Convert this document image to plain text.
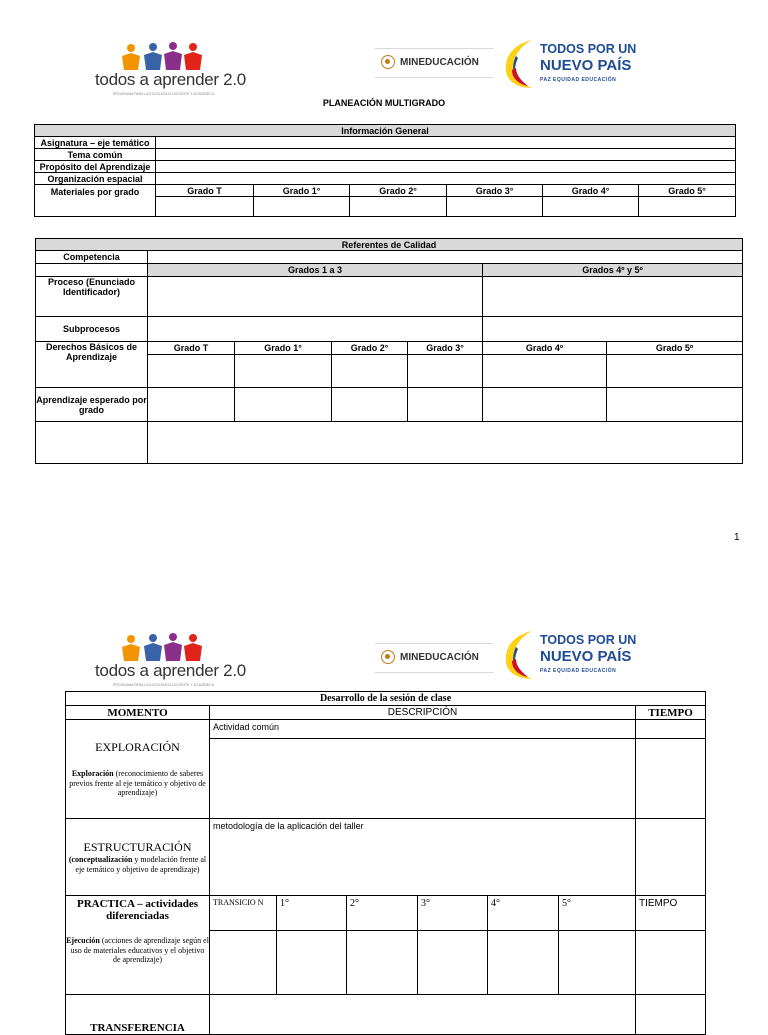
todos a aprender 2.0
PROGRAMA PARA LA EXCELENCIA DOCENTE Y ACADÉMICA
MINEDUCACIÓN
TODOS POR UN
NUEVO PAÍS
PAZ EQUIDAD EDUCACIÓN
PLANEACIÓN MULTIGRADO
Información General						
Asignatura – eje temático						
Tema común						
Propósito del Aprendizaje						
Organización espacial						
Materiales por grado	Grado T	Grado 1°	Grado 2°	Grado 3°	Grado 4°	Grado 5°

Referentes de Calidad						
Competencia						
	Grados 1 a 3				Grados 4º y 5º	
Proceso (Enunciado Identificador)						
Subprocesos						
Derechos Básicos de Aprendizaje	Grado T	Grado 1°	Grado 2°	Grado 3°	Grado 4º	Grado 5º

Aprendizaje esperado por grado						

1
todos a aprender 2.0
PROGRAMA PARA LA EXCELENCIA DOCENTE Y ACADÉMICA
MINEDUCACIÓN
TODOS POR UN
NUEVO PAÍS
PAZ EQUIDAD EDUCACIÓN
Desarrollo de la sesión de clase							
MOMENTO	DESCRIPCIÓN						TIEMPO

EXPLORACIÓN
Exploración (reconocimiento de saberes previos frente al eje temático y objetivo de aprendizaje)	Actividad común						

ESTRUCTURACIÓN
(conceptualización y modelación frente al eje temático y objetivo de aprendizaje)	metodología de la aplicación del taller						

PRACTICA – actividades diferenciadas
Ejecución (acciones de aprendizaje según el uso de materiales educativos y el objetivo de aprendizaje)	TRANSICIO N	1°	2°	3°	4°	5°	TIEMPO

TRANSFERENCIA							
